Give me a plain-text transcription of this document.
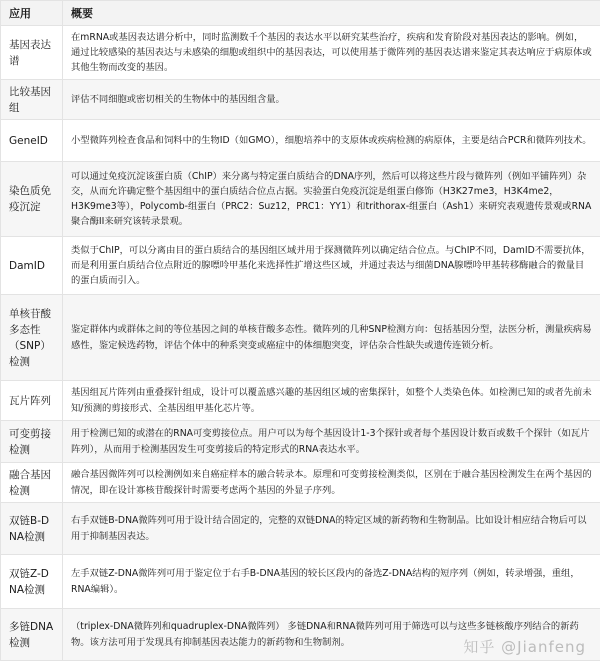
应用	概要
基因表达谱	在mRNA或基因表达谱分析中，同时监测数千个基因的表达水平以研究某些治疗，疾病和发育阶段对基因表达的影响。例如，通过比较感染的基因表达与未感染的细胞或组织中的基因表达，可以使用基于微阵列的基因表达谱来鉴定其表达响应于病原体或其他生物而改变的基因。
比较基因组	评估不同细胞或密切相关的生物体中的基因组含量。
GeneID	小型微阵列检查食品和饲料中的生物ID（如GMO），细胞培养中的支原体或疾病检测的病原体，主要是结合PCR和微阵列技术。
染色质免疫沉淀	可以通过免疫沉淀该蛋白质（ChIP）来分离与特定蛋白质结合的DNA序列，然后可以将这些片段与微阵列（例如平铺阵列）杂交，从而允许确定整个基因组中的蛋白质结合位点占据。实验蛋白免疫沉淀是组蛋白修饰（H3K27me3，H3K4me2，H3K9me3等），Polycomb-组蛋白（PRC2：Suz12，PRC1：YY1）和trithorax-组蛋白（Ash1）来研究表观遗传景观或RNA聚合酶II来研究该转录景观。
DamID	类似于ChIP，可以分离由目的蛋白质结合的基因组区域并用于探测微阵列以确定结合位点。与ChIP不同，DamID不需要抗体，而是利用蛋白质结合位点附近的腺嘌呤甲基化来选择性扩增这些区域，并通过表达与细菌DNA腺嘌呤甲基转移酶融合的微量目的蛋白质而引入。
单核苷酸多态性（SNP）检测	鉴定群体内或群体之间的等位基因之间的单核苷酸多态性。微阵列的几种SNP检测方向：包括基因分型，法医分析，测量疾病易感性，鉴定候选药物，评估个体中的种系突变或癌症中的体细胞突变，评估杂合性缺失或遗传连锁分析。
瓦片阵列	基因组瓦片阵列由重叠探针组成，设计可以覆盖感兴趣的基因组区域的密集探针，如整个人类染色体。如检测已知的或者先前未知/预测的剪接形式、全基因组甲基化芯片等。
可变剪接检测	用于检测已知的或潜在的RNA可变剪接位点。用户可以为每个基因设计1-3个探针或者每个基因设计数百或数千个探针（如瓦片阵列），从而用于检测基因发生可变剪接后的特定形式的RNA表达水平。
融合基因检测	融合基因微阵列可以检测例如来自癌症样本的融合转录本。原理和可变剪接检测类似，区别在于融合基因检测发生在两个基因的情况，即在设计寡核苷酸探针时需要考虑两个基因的外显子序列。
双链B-DNA检测	右手双链B-DNA微阵列可用于设计结合固定的，完整的双链DNA的特定区域的新药物和生物制品。比如设计相应结合物后可以用于抑制基因表达。
双链Z-DNA检测	左手双链Z-DNA微阵列可用于鉴定位于右手B-DNA基因的较长区段内的备选Z-DNA结构的短序列（例如，转录增强，重组，RNA编辑）。
多链DNA检测	（triplex-DNA微阵列和quadruplex-DNA微阵列） 多链DNA和RNA微阵列可用于筛选可以与这些多链核酸序列结合的新药物。该方法可用于发现具有抑制基因表达能力的新药物和生物制剂。	知乎 @Jianfeng
